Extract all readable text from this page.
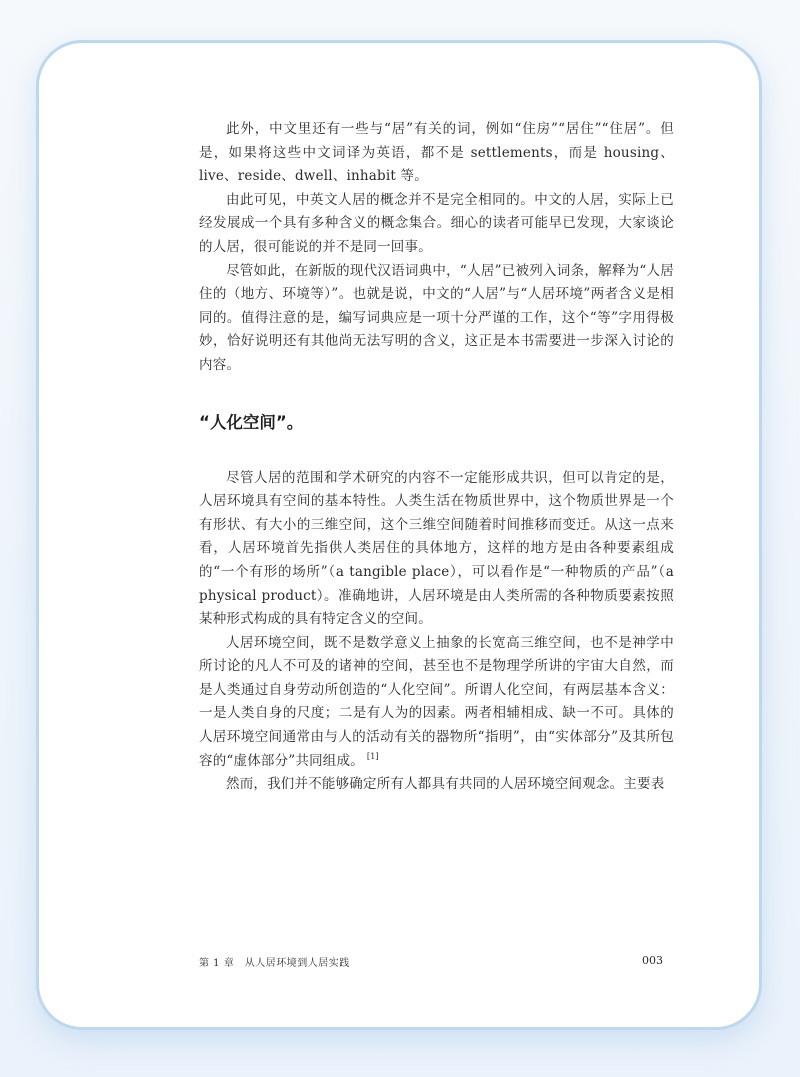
此外，中文里还有一些与“居”有关的词，例如“住房”“居住”“住居”。但是，如果将这些中文词译为英语，都不是 settlements，而是 housing、live、reside、dwell、inhabit 等。

由此可见，中英文人居的概念并不是完全相同的。中文的人居，实际上已经发展成一个具有多种含义的概念集合。细心的读者可能早已发现，大家谈论的人居，很可能说的并不是同一回事。

尽管如此，在新版的现代汉语词典中，“人居”已被列入词条，解释为“人居住的（地方、环境等）”。也就是说，中文的“人居”与“人居环境”两者含义是相同的。值得注意的是，编写词典应是一项十分严谨的工作，这个“等”字用得极妙，恰好说明还有其他尚无法写明的含义，这正是本书需要进一步深入讨论的内容。

“人化空间”。

尽管人居的范围和学术研究的内容不一定能形成共识，但可以肯定的是，人居环境具有空间的基本特性。人类生活在物质世界中，这个物质世界是一个有形状、有大小的三维空间，这个三维空间随着时间推移而变迁。从这一点来看，人居环境首先指供人类居住的具体地方，这样的地方是由各种要素组成的“一个有形的场所”（a tangible place），可以看作是“一种物质的产品”（a physical product）。准确地讲，人居环境是由人类所需的各种物质要素按照某种形式构成的具有特定含义的空间。

人居环境空间，既不是数学意义上抽象的长宽高三维空间，也不是神学中所讨论的凡人不可及的诸神的空间，甚至也不是物理学所讲的宇宙大自然，而是人类通过自身劳动所创造的“人化空间”。所谓人化空间，有两层基本含义：一是人类自身的尺度；二是有人为的因素。两者相辅相成、缺一不可。具体的人居环境空间通常由与人的活动有关的器物所“指明”，由“实体部分”及其所包容的“虚体部分”共同组成。 [1]

然而，我们并不能够确定所有人都具有共同的人居环境空间观念。主要表

第 1 章　从人居环境到人居实践	003
